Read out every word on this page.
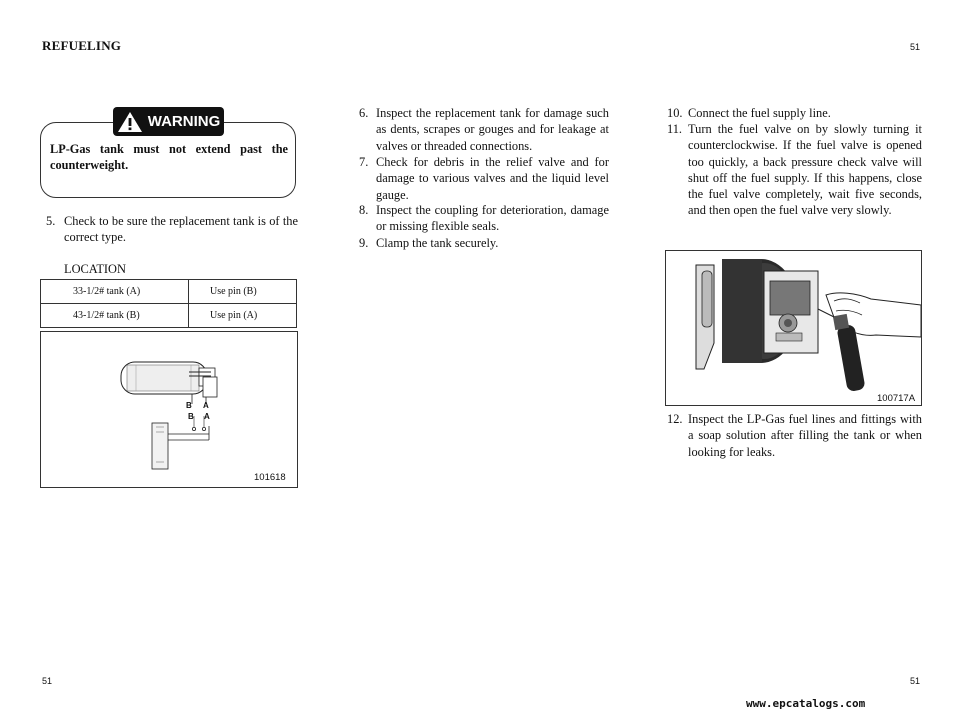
REFUELING	51
WARNING
LP-Gas tank must not extend past the counterweight.
5. Check to be sure the replacement tank is of the correct type.
LOCATION
33-1/2# tank (A)	Use pin (B)
43-1/2# tank (B)	Use pin (A)
B A
B A
101618
6. Inspect the replacement tank for damage such as dents, scrapes or gouges and for leakage at valves or threaded connections.
7. Check for debris in the relief valve and for damage to various valves and the liquid level gauge.
8. Inspect the coupling for deterioration, damage or missing flexible seals.
9. Clamp the tank securely.
10. Connect the fuel supply line.
11. Turn the fuel valve on by slowly turning it counterclockwise. If the fuel valve is opened too quickly, a back pressure check valve will shut off the fuel supply. If this happens, close the fuel valve completely, wait five seconds, and then open the fuel valve very slowly.
100717A
12. Inspect the LP-Gas fuel lines and fittings with a soap solution after filling the tank or when looking for leaks.
51	51
www.epcatalogs.com
